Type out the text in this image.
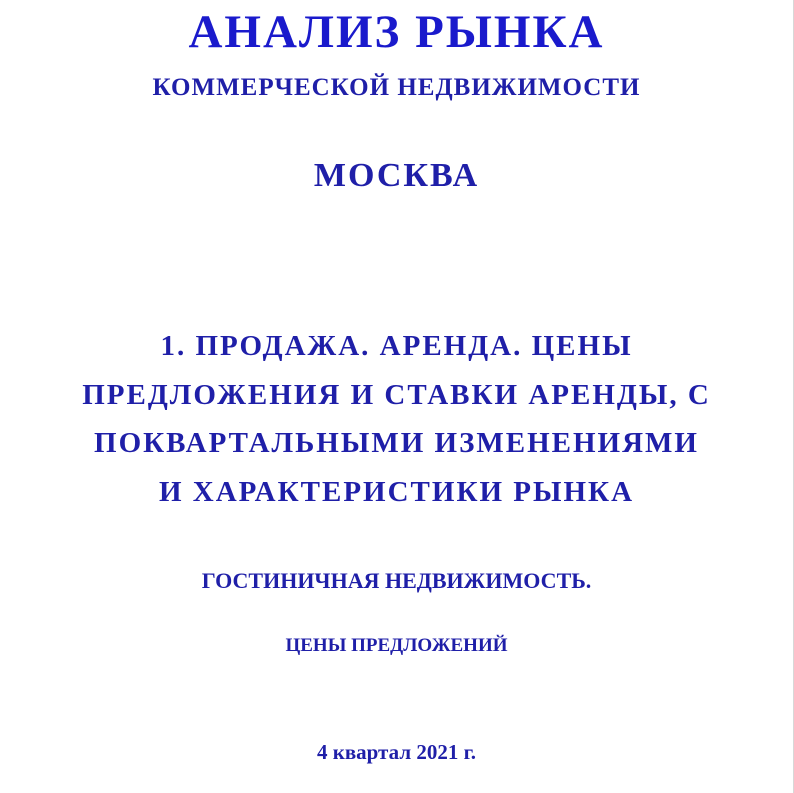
АНАЛИЗ РЫНКА
КОММЕРЧЕСКОЙ НЕДВИЖИМОСТИ
МОСКВА
1. ПРОДАЖА. АРЕНДА. ЦЕНЫ
ПРЕДЛОЖЕНИЯ И СТАВКИ АРЕНДЫ, С
ПОКВАРТАЛЬНЫМИ ИЗМЕНЕНИЯМИ
И ХАРАКТЕРИСТИКИ РЫНКА
ГОСТИНИЧНАЯ НЕДВИЖИМОСТЬ.
ЦЕНЫ ПРЕДЛОЖЕНИЙ
4 квартал 2021 г.
